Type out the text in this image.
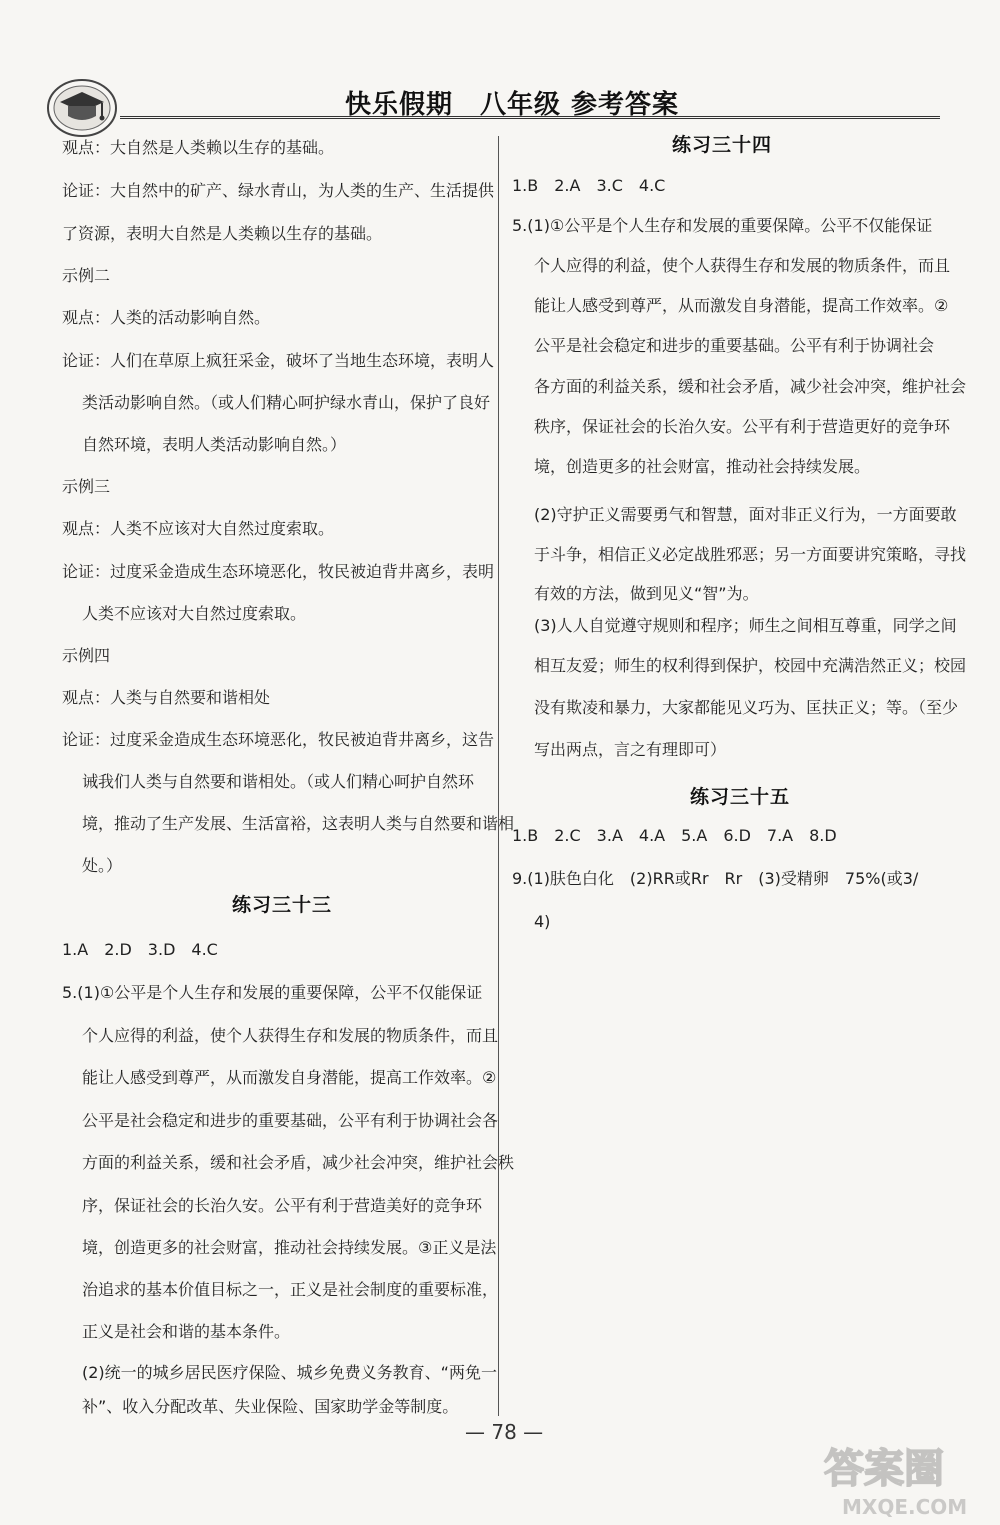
快乐假期　八年级 参考答案
观点：大自然是人类赖以生存的基础。
论证：大自然中的矿产、绿水青山，为人类的生产、生活提供
了资源，表明大自然是人类赖以生存的基础。
示例二
观点：人类的活动影响自然。
论证：人们在草原上疯狂采金，破坏了当地生态环境，表明人
类活动影响自然。（或人们精心呵护绿水青山，保护了良好
自然环境，表明人类活动影响自然。）
示例三
观点：人类不应该对大自然过度索取。
论证：过度采金造成生态环境恶化，牧民被迫背井离乡，表明
人类不应该对大自然过度索取。
示例四
观点：人类与自然要和谐相处
论证：过度采金造成生态环境恶化，牧民被迫背井离乡，这告
诫我们人类与自然要和谐相处。（或人们精心呵护自然环
境，推动了生产发展、生活富裕，这表明人类与自然要和谐相
处。）
练习三十三
1.A　2.D　3.D　4.C
5.(1)①公平是个人生存和发展的重要保障，公平不仅能保证
个人应得的利益，使个人获得生存和发展的物质条件，而且
能让人感受到尊严，从而激发自身潜能，提高工作效率。②
公平是社会稳定和进步的重要基础，公平有利于协调社会各
方面的利益关系，缓和社会矛盾，减少社会冲突，维护社会秩
序，保证社会的长治久安。公平有利于营造美好的竞争环
境，创造更多的社会财富，推动社会持续发展。③正义是法
治追求的基本价值目标之一，正义是社会制度的重要标准，
正义是社会和谐的基本条件。
(2)统一的城乡居民医疗保险、城乡免费义务教育、“两免一
补”、收入分配改革、失业保险、国家助学金等制度。
练习三十四
1.B　2.A　3.C　4.C
5.(1)①公平是个人生存和发展的重要保障。公平不仅能保证
个人应得的利益，使个人获得生存和发展的物质条件，而且
能让人感受到尊严，从而激发自身潜能，提高工作效率。②
公平是社会稳定和进步的重要基础。公平有利于协调社会
各方面的利益关系，缓和社会矛盾，减少社会冲突，维护社会
秩序，保证社会的长治久安。公平有利于营造更好的竞争环
境，创造更多的社会财富，推动社会持续发展。
(2)守护正义需要勇气和智慧，面对非正义行为，一方面要敢
于斗争，相信正义必定战胜邪恶；另一方面要讲究策略，寻找
有效的方法，做到见义“智”为。
(3)人人自觉遵守规则和程序；师生之间相互尊重，同学之间
相互友爱；师生的权利得到保护，校园中充满浩然正义；校园
没有欺凌和暴力，大家都能见义巧为、匡扶正义；等。（至少
写出两点，言之有理即可）
练习三十五
1.B　2.C　3.A　4.A　5.A　6.D　7.A　8.D
9.(1)肤色白化　(2)RR或Rr　Rr　(3)受精卵　75%(或3/
4)
— 78 —
答案圈
MXQE.COM
